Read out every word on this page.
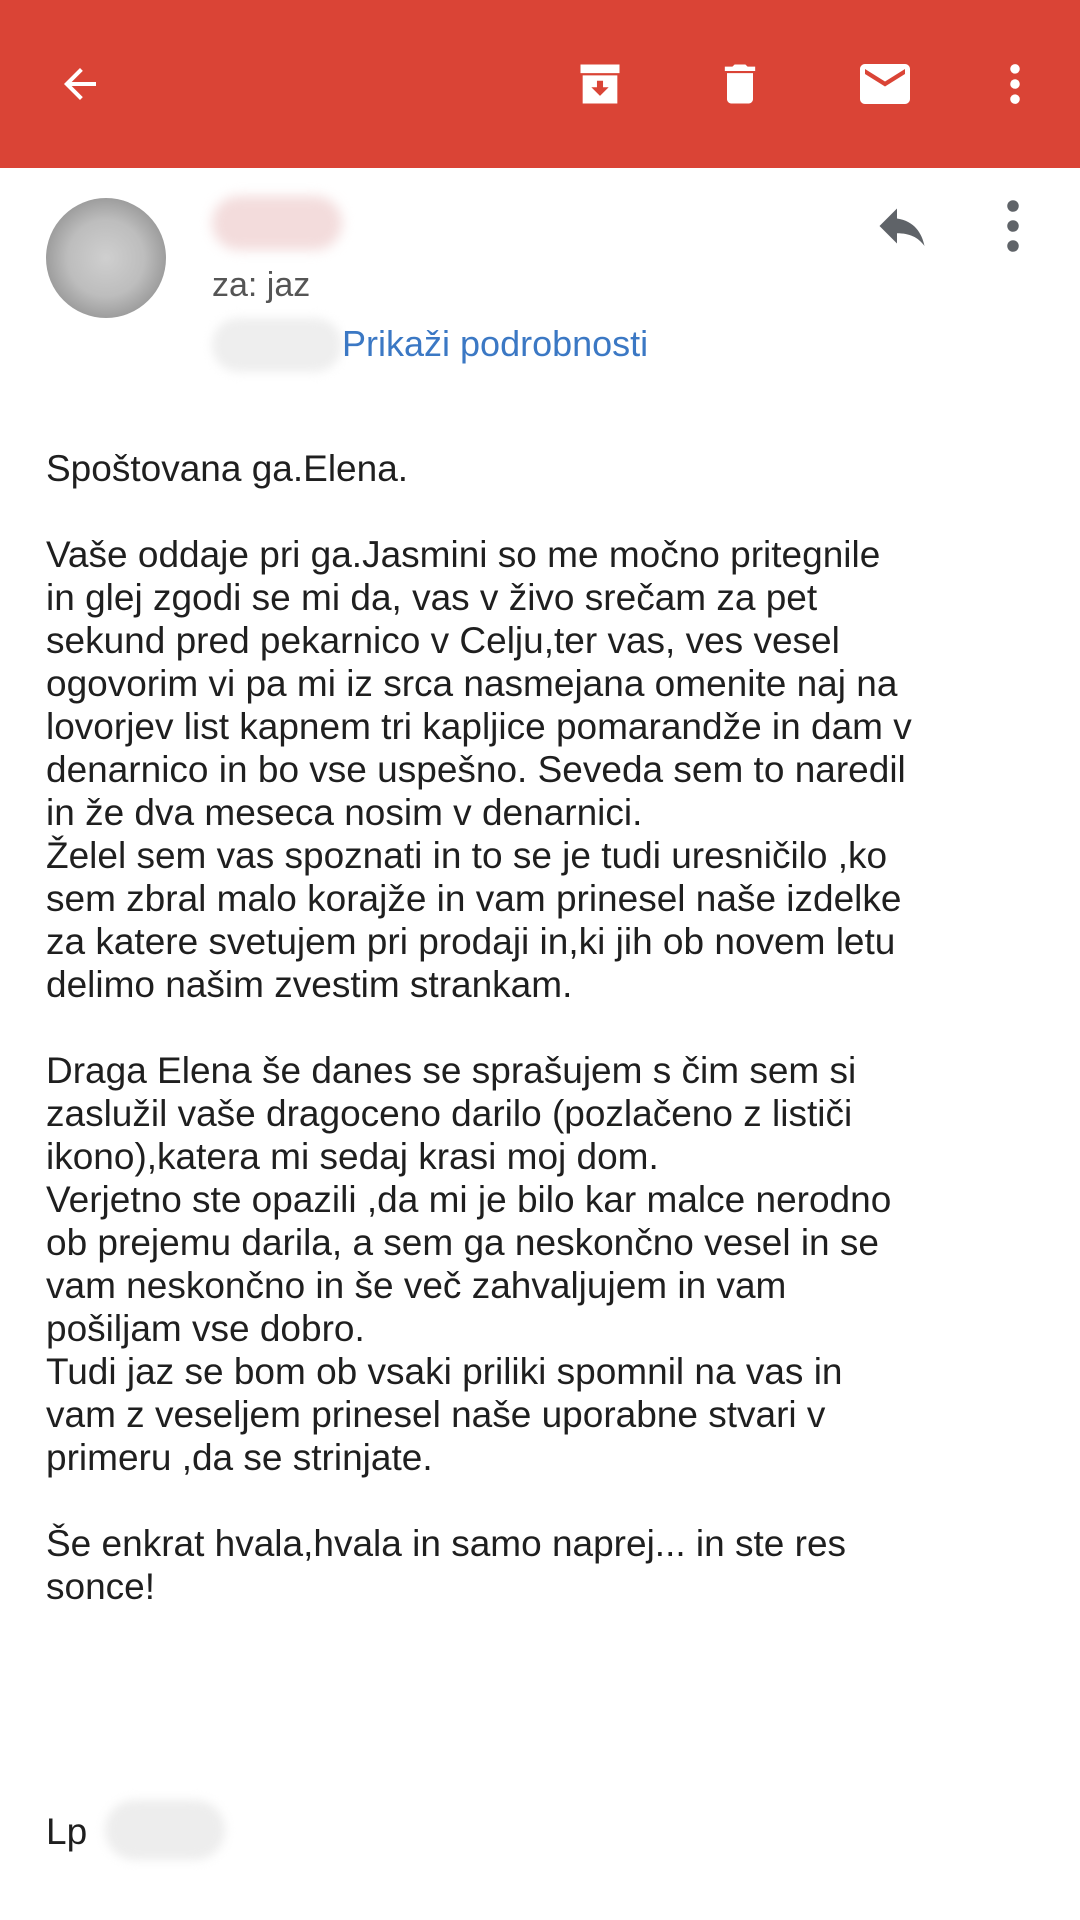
za: jaz
Prikaži podrobnosti

Spoštovana ga.Elena.

Vaše oddaje pri ga.Jasmini so me močno pritegnile
in glej zgodi se mi da, vas v živo srečam za pet
sekund pred pekarnico v Celju,ter vas, ves vesel
ogovorim vi pa mi iz srca nasmejana omenite naj na
lovorjev list kapnem tri kapljice pomarandže in dam v
denarnico in bo vse uspešno. Seveda sem to naredil
in že dva meseca nosim v denarnici.
Želel sem vas spoznati in to se je tudi uresničilo ,ko
sem zbral malo korajže in vam prinesel naše izdelke
za katere svetujem pri prodaji in,ki jih ob novem letu
delimo našim zvestim strankam.

Draga Elena še danes se sprašujem s čim sem si
zaslužil vaše dragoceno darilo (pozlačeno z lističi
ikono),katera mi sedaj krasi moj dom.
Verjetno ste opazili ,da mi je bilo kar malce nerodno
ob prejemu darila, a sem ga neskončno vesel in se
vam neskončno in še več zahvaljujem in vam
pošiljam vse dobro.
Tudi jaz se bom ob vsaki priliki spomnil na vas in
vam z veseljem prinesel naše uporabne stvari v
primeru ,da se strinjate.

Še enkrat hvala,hvala in samo naprej... in ste res
sonce!

Lp
